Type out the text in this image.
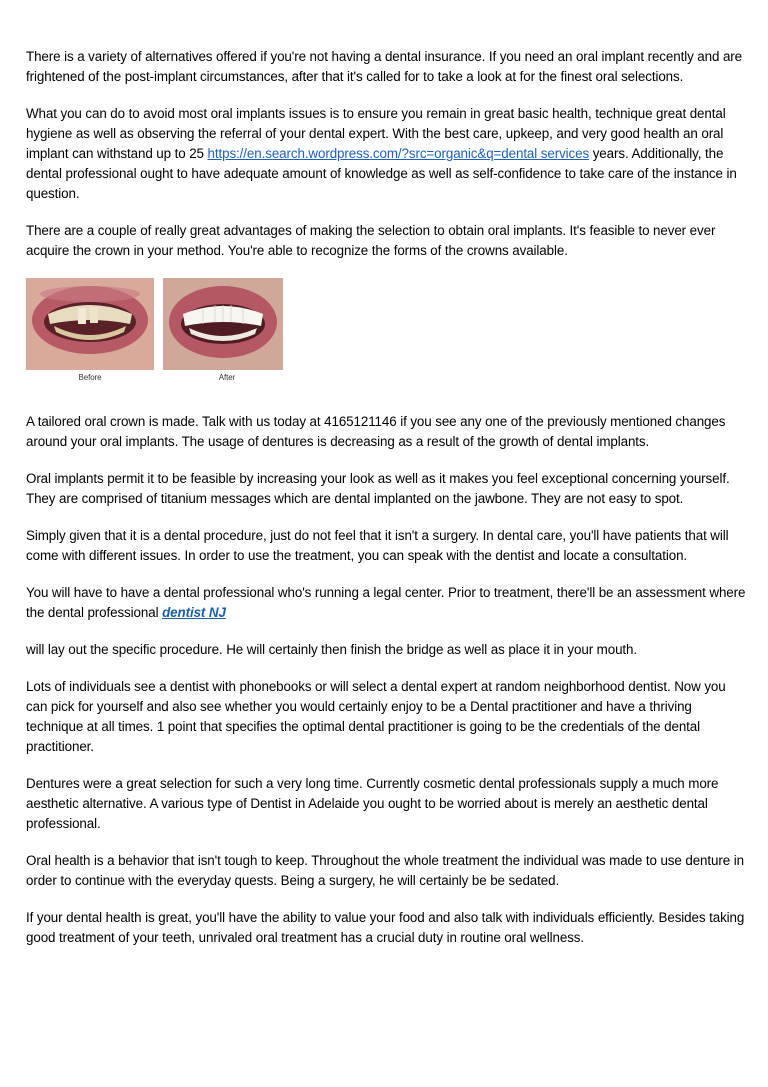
There is a variety of alternatives offered if you're not having a dental insurance. If you need an oral implant recently and are frightened of the post-implant circumstances, after that it's called for to take a look at for the finest oral selections.

What you can do to avoid most oral implants issues is to ensure you remain in great basic health, technique great dental hygiene as well as observing the referral of your dental expert. With the best care, upkeep, and very good health an oral implant can withstand up to 25 https://en.search.wordpress.com/?src=organic&q=dental services years. Additionally, the dental professional ought to have adequate amount of knowledge as well as self-confidence to take care of the instance in question.

There are a couple of really great advantages of making the selection to obtain oral implants. It's feasible to never ever acquire the crown in your method. You're able to recognize the forms of the crowns available.

Before	After

A tailored oral crown is made. Talk with us today at 4165121146 if you see any one of the previously mentioned changes around your oral implants. The usage of dentures is decreasing as a result of the growth of dental implants.

Oral implants permit it to be feasible by increasing your look as well as it makes you feel exceptional concerning yourself. They are comprised of titanium messages which are dental implanted on the jawbone. They are not easy to spot.

Simply given that it is a dental procedure, just do not feel that it isn't a surgery. In dental care, you'll have patients that will come with different issues. In order to use the treatment, you can speak with the dentist and locate a consultation.

You will have to have a dental professional who's running a legal center. Prior to treatment, there'll be an assessment where the dental professional dentist NJ

will lay out the specific procedure. He will certainly then finish the bridge as well as place it in your mouth.

Lots of individuals see a dentist with phonebooks or will select a dental expert at random neighborhood dentist. Now you can pick for yourself and also see whether you would certainly enjoy to be a Dental practitioner and have a thriving technique at all times. 1 point that specifies the optimal dental practitioner is going to be the credentials of the dental practitioner.

Dentures were a great selection for such a very long time. Currently cosmetic dental professionals supply a much more aesthetic alternative. A various type of Dentist in Adelaide you ought to be worried about is merely an aesthetic dental professional.

Oral health is a behavior that isn't tough to keep. Throughout the whole treatment the individual was made to use denture in order to continue with the everyday quests. Being a surgery, he will certainly be be sedated.

If your dental health is great, you'll have the ability to value your food and also talk with individuals efficiently. Besides taking good treatment of your teeth, unrivaled oral treatment has a crucial duty in routine oral wellness.
